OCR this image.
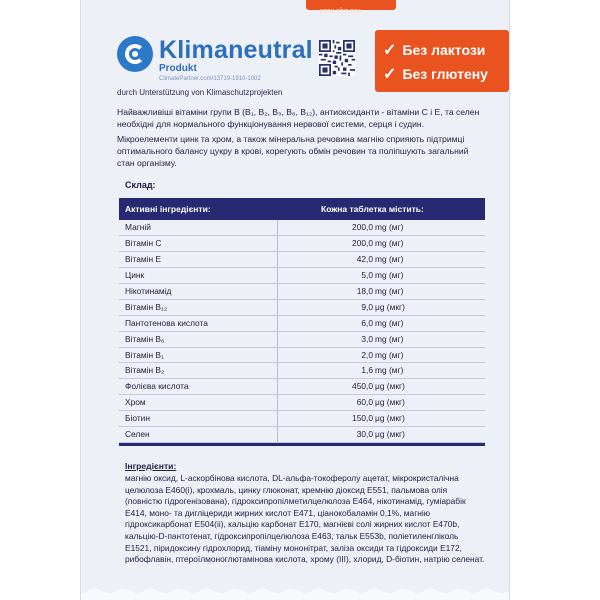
ᴎᴛɔᴠ ɘɓɔᴠɪɔᴎ
Klimaneutral
Produkt
ClimatePartner.com/13719-1910-1002
durch Unterstützung von Klimaschutzprojekten
✓ Без лактози
✓ Без глютену
Найважливіші вітаміни групи В (В₁, В₂, В₅, В₆, В₁₂), антиоксиданти - вітаміни С і Е, та селен необхідні для нормального функціонування нервової системи, серця і судин.
Мікроелементи цинк та хром, а також мінеральна речовина магнію сприяють підтримці оптимального балансу цукру в крові, корегують обмін речовин та поліпшують загальний стан організму.
Склад:
Активні інгредієнти:	Кожна таблетка містить:
Магній	200,0 mg (мг)
Вітамін С	200,0 mg (мг)
Вітамін Е	42,0 mg (мг)
Цинк	5,0 mg (мг)
Нікотинамід	18,0 mg (мг)
Вітамін В₁₂	9,0 μg (мкг)
Пантотенова кислота	6,0 mg (мг)
Вітамін В₆	3,0 mg (мг)
Вітамін В₁	2,0 mg (мг)
Вітамін В₂	1,6 mg (мг)
Фолієва кислота	450,0 μg (мкг)
Хром	60,0 μg (мкг)
Біотин	150,0 μg (мкг)
Селен	30,0 μg (мкг)
Інгредієнти:
магнію оксид, L-аскорбінова кислота, DL-альфа-токоферолу ацетат, мікрокристалічна целюлоза Е460(і), крохмаль, цинку глюконат, кремнію діоксид Е551, пальмова олія (повністю гідрогенізована), гідроксипропілметилцелюлоза Е464, нікотинамід, гуміарабік Е414, моно- та дигліцериди жирних кислот Е471, ціанокобаламін 0,1%, магнію гідроксикарбонат Е504(іі), кальцію карбонат Е170, магнієві солі жирних кислот Е470b, кальцію-D-пантотенат, гідроксипропілцелюлоза Е463, тальк Е553b, поліетиленгліколь Е1521, піридоксину гідрохлорид, тіаміну мононітрат, заліза оксиди та гідроксиди Е172, рибофлавін, птероїлмоноглютамінова кислота, хрому (III), хлорид, D-біотин, натрію селенат.
